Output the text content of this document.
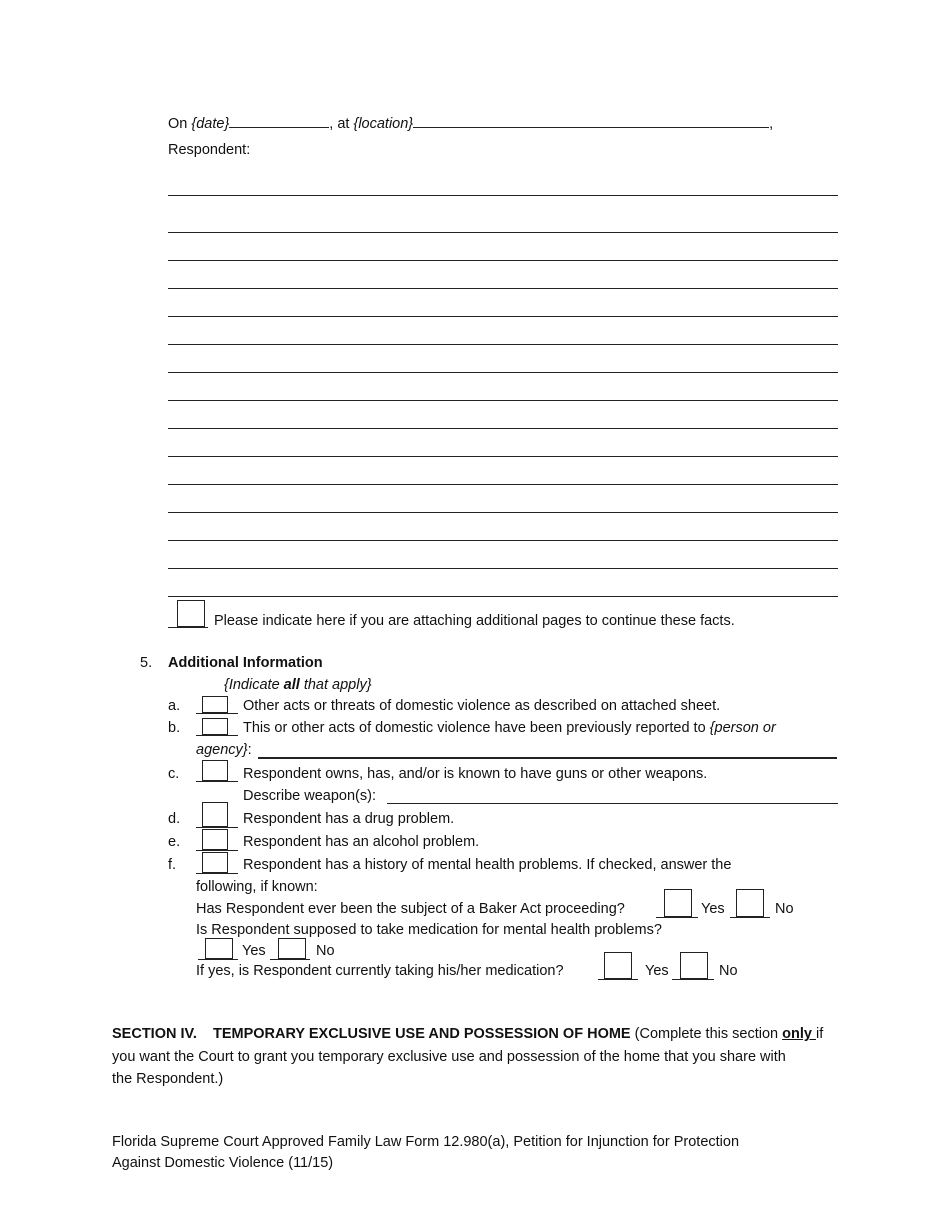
On {date}	, at {location}	,
Respondent:
Please indicate here if you are attaching additional pages to continue these facts.
5. Additional Information
{Indicate all that apply}
a.	Other acts or threats of domestic violence as described on attached sheet.
b.	This or other acts of domestic violence have been previously reported to {person or
agency}:
c.	Respondent owns, has, and/or is known to have guns or other weapons.
Describe weapon(s):
d.	Respondent has a drug problem.
e.	Respondent has an alcohol problem.
f.	Respondent has a history of mental health problems. If checked, answer the
following, if known:
Has Respondent ever been the subject of a Baker Act proceeding?	Yes	No
Is Respondent supposed to take medication for mental health problems?
Yes	No
If yes, is Respondent currently taking his/her medication?	Yes	No
SECTION IV.    TEMPORARY EXCLUSIVE USE AND POSSESSION OF HOME (Complete this section only if
you want the Court to grant you temporary exclusive use and possession of the home that you share with
the Respondent.)
Florida Supreme Court Approved Family Law Form 12.980(a), Petition for Injunction for Protection
Against Domestic Violence (11/15)
